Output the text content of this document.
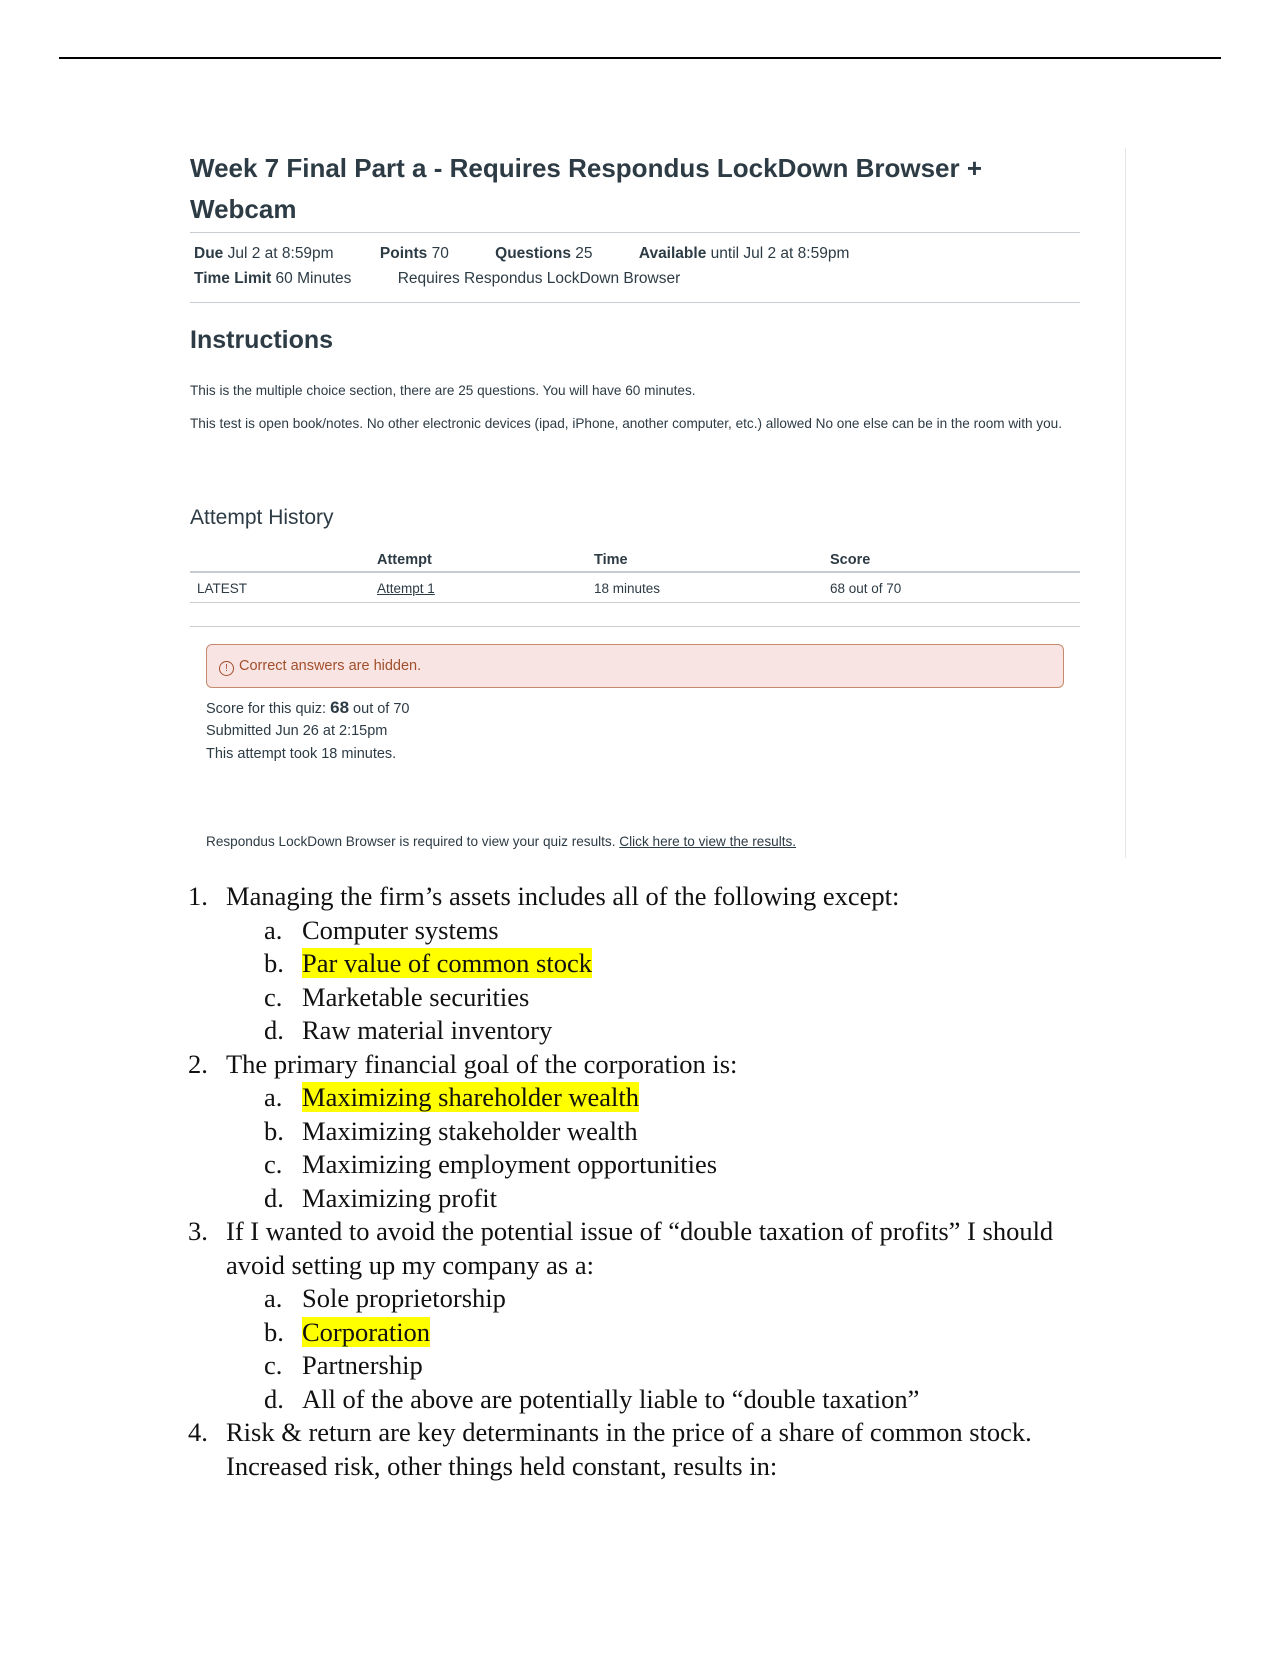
Week 7 Final Part a - Requires Respondus LockDown Browser + Webcam
Due Jul 2 at 8:59pm	Points 70	Questions 25	Available until Jul 2 at 8:59pm
Time Limit 60 Minutes	Requires Respondus LockDown Browser
Instructions

This is the multiple choice section, there are 25 questions. You will have 60 minutes.

This test is open book/notes. No other electronic devices (ipad, iPhone, another computer, etc.) allowed No one else can be in the room with you.

Attempt History
	Attempt	Time	Score
LATEST	Attempt 1	18 minutes	68 out of 70
! Correct answers are hidden.
Score for this quiz: 68 out of 70
Submitted Jun 26 at 2:15pm
This attempt took 18 minutes.
Respondus LockDown Browser is required to view your quiz results. Click here to view the results.
1. Managing the firm’s assets includes all of the following except:
a. Computer systems
b. Par value of common stock
c. Marketable securities
d. Raw material inventory
2. The primary financial goal of the corporation is:
a. Maximizing shareholder wealth
b. Maximizing stakeholder wealth
c. Maximizing employment opportunities
d. Maximizing profit
3. If I wanted to avoid the potential issue of “double taxation of profits” I should avoid setting up my company as a:
a. Sole proprietorship
b. Corporation
c. Partnership
d. All of the above are potentially liable to “double taxation”
4. Risk & return are key determinants in the price of a share of common stock. Increased risk, other things held constant, results in:
